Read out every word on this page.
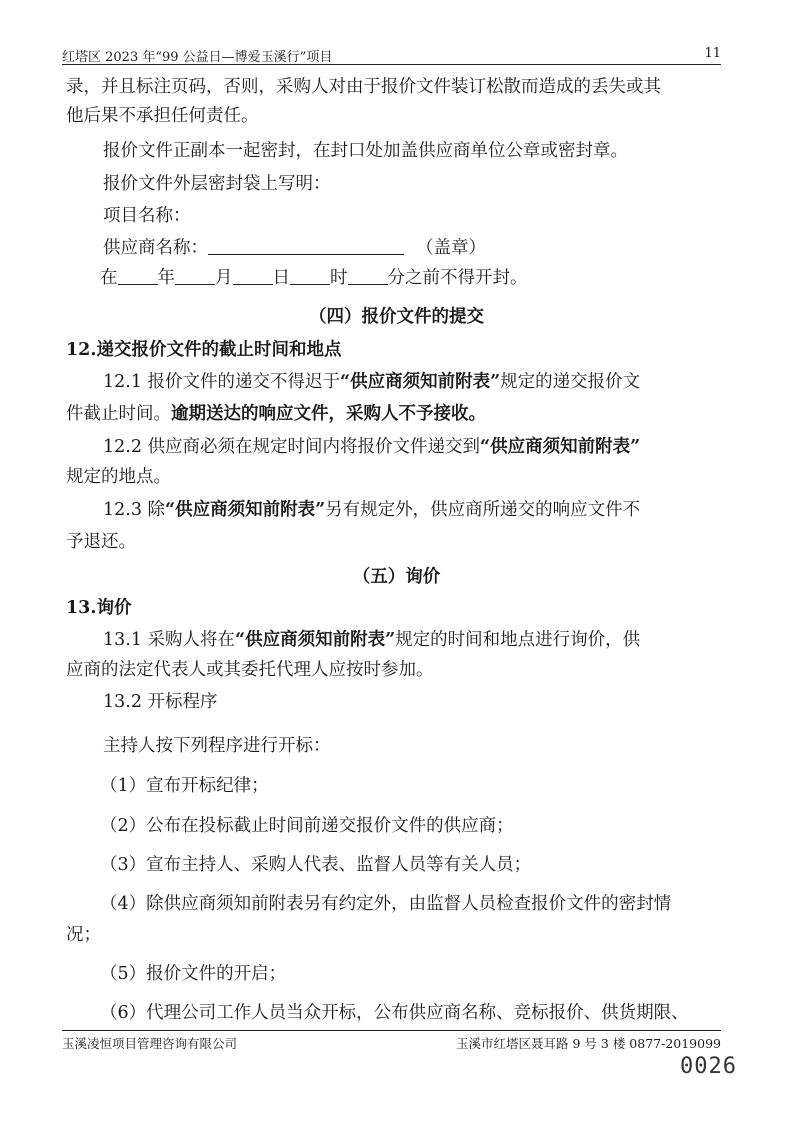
红塔区 2023 年“99 公益日—博爱玉溪行”项目	11
录，并且标注页码，否则，采购人对由于报价文件装订松散而造成的丢失或其
他后果不承担任何责任。
报价文件正副本一起密封，在封口处加盖供应商单位公章或密封章。
报价文件外层密封袋上写明：
项目名称：
供应商名称：	（盖章）
在 年 月 日 时 分之前不得开封。
（四）报价文件的提交
12.递交报价文件的截止时间和地点
12.1 报价文件的递交不得迟于“供应商须知前附表”规定的递交报价文
件截止时间。逾期送达的响应文件，采购人不予接收。
12.2 供应商必须在规定时间内将报价文件递交到“供应商须知前附表”
规定的地点。
12.3 除“供应商须知前附表”另有规定外，供应商所递交的响应文件不
予退还。
（五）询价
13.询价
13.1 采购人将在“供应商须知前附表”规定的时间和地点进行询价，供
应商的法定代表人或其委托代理人应按时参加。
13.2 开标程序
主持人按下列程序进行开标：
（1）宣布开标纪律；
（2）公布在投标截止时间前递交报价文件的供应商；
（3）宣布主持人、采购人代表、监督人员等有关人员；
（4）除供应商须知前附表另有约定外，由监督人员检查报价文件的密封情
况；
（5）报价文件的开启；
（6）代理公司工作人员当众开标，公布供应商名称、竞标报价、供货期限、
玉溪凌恒项目管理咨询有限公司	玉溪市红塔区聂耳路 9 号 3 楼 0877-2019099
0026
